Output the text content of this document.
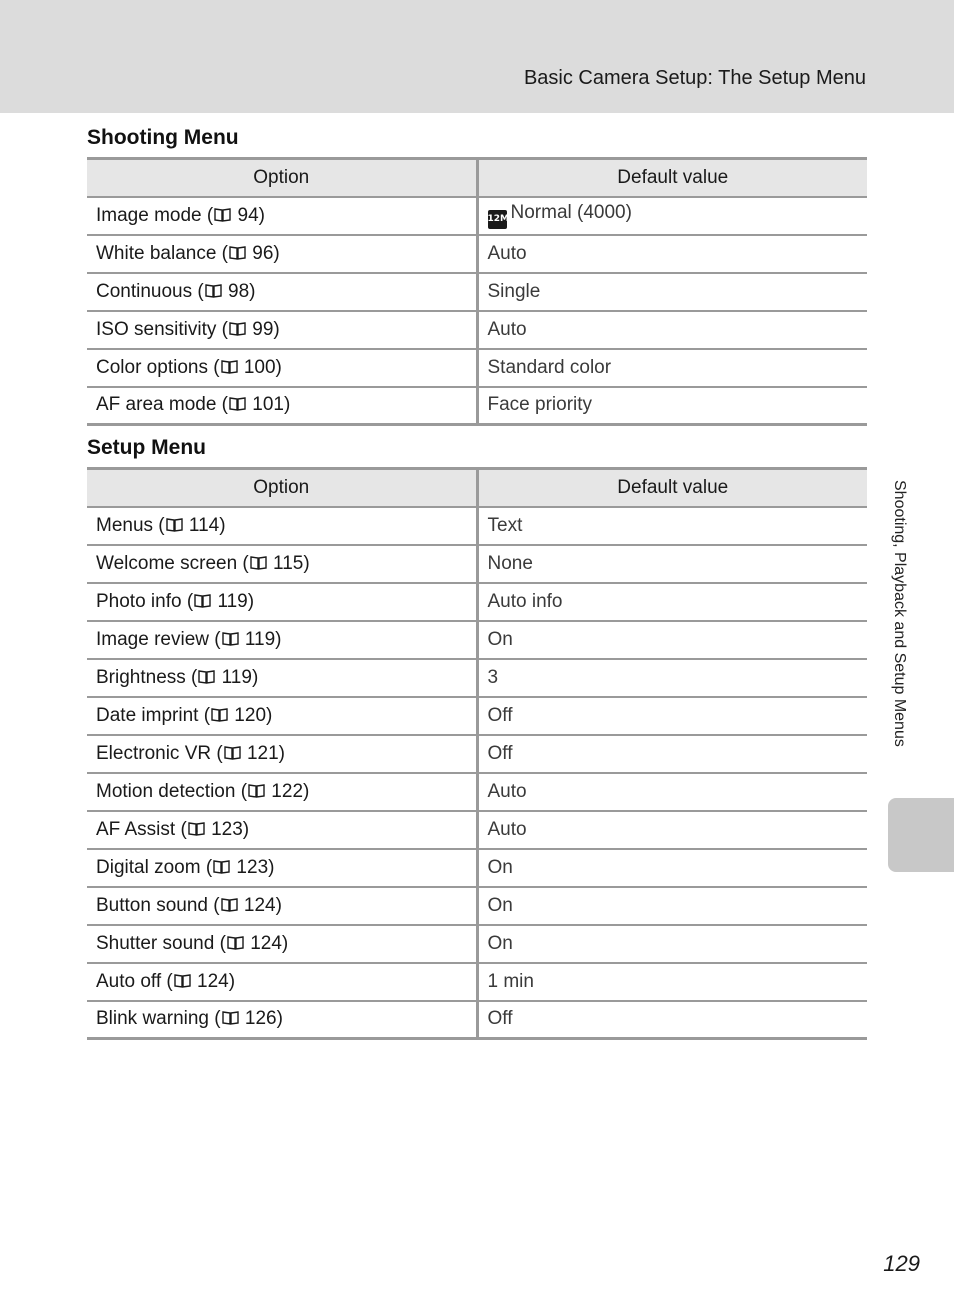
Basic Camera Setup: The Setup Menu
Shooting Menu
Option	Default value
Image mode ( 94)	12MNormal (4000)
White balance ( 96)	Auto
Continuous ( 98)	Single
ISO sensitivity ( 99)	Auto
Color options ( 100)	Standard color
AF area mode ( 101)	Face priority
Setup Menu
Option	Default value
Menus ( 114)	Text
Welcome screen ( 115)	None
Photo info ( 119)	Auto info
Image review ( 119)	On
Brightness ( 119)	3
Date imprint ( 120)	Off
Electronic VR ( 121)	Off
Motion detection ( 122)	Auto
AF Assist ( 123)	Auto
Digital zoom ( 123)	On
Button sound ( 124)	On
Shutter sound ( 124)	On
Auto off ( 124)	1 min
Blink warning ( 126)	Off
Shooting, Playback and Setup Menus
129
